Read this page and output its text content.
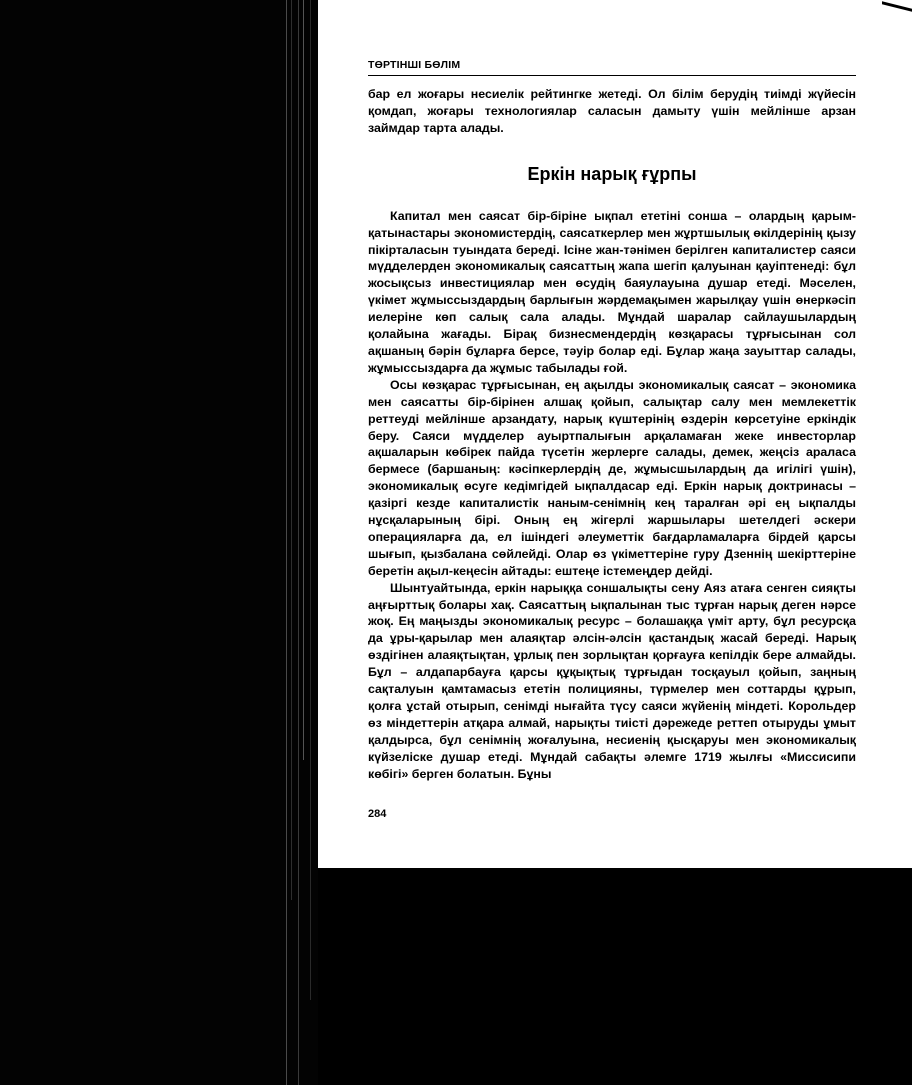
ТӨРТІНШІ БӨЛІМ

бар ел жоғары несиелік рейтингке жетеді. Ол білім берудің тиімді жүйесін қомдап, жоғары технологиялар саласын дамыту үшін мейлінше арзан займдар тарта алады.

Еркін нарық ғұрпы

Капитал мен саясат бір-біріне ықпал ететіні сонша – олардың қарым-қатынастары экономистердің, саясаткерлер мен жұртшылық өкілдерінің қызу пікірталасын туындата береді. Ісіне жан-тәнімен берілген капиталистер саяси мүдделерден экономикалық саясаттың жапа шегіп қалуынан қауіптенеді: бұл жосықсыз инвестициялар мен өсудің баяулауына душар етеді. Мәселен, үкімет жұмыссыздардың барлығын жәрдемақымен жарылқау үшін өнеркәсіп иелеріне көп салық сала алады. Мұндай шаралар сайлаушылардың қолайына жағады. Бірақ бизнесмендердің көзқарасы тұрғысынан сол ақшаның бәрін бұларға берсе, тәуір болар еді. Бұлар жаңа зауыттар салады, жұмыссыздарға да жұмыс табылады ғой.

Осы көзқарас тұрғысынан, ең ақылды экономикалық саясат – экономика мен саясатты бір-бірінен алшақ қойып, салықтар салу мен мемлекеттік реттеуді мейлінше арзандату, нарық күштерінің өздерін көрсетуіне еркіндік беру. Саяси мүдделер ауыртпалығын арқаламаған жеке инвесторлар ақшаларын көбірек пайда түсетін жерлерге салады, демек, жеңсіз араласа бермесе (баршаның: кәсіпкерлердің де, жұмысшылардың да игілігі үшін), экономикалық өсуге кедімгідей ықпалдасар еді. Еркін нарық доктринасы – қазіргі кезде капиталистік наным-сенімнің кең таралған әрі ең ықпалды нұсқаларының бірі. Оның ең жігерлі жаршылары шетелдегі әскери операцияларға да, ел ішіндегі әлеуметтік бағдарламаларға бірдей қарсы шығып, қызбалана сөйлейді. Олар өз үкіметтеріне гуру Дзеннің шекірттеріне беретін ақыл-кеңесін айтады: ештеңе істемеңдер дейді.

Шынтуайтында, еркін нарыққа соншалықты сену Аяз атаға сенген сияқты аңғырттық болары хақ. Саясаттың ықпалынан тыс тұрған нарық деген нәрсе жоқ. Ең маңызды экономикалық ресурс – болашаққа үміт арту, бұл ресурсқа да ұры-қарылар мен алаяқтар әлсін-әлсін қастандық жасай береді. Нарық өздігінен алаяқтықтан, ұрлық пен зорлықтан қорғауға кепілдік бере алмайды. Бұл – алдапарбауға қарсы құқықтық тұрғыдан тосқауыл қойып, заңның сақталуын қамтамасыз ететін полицияны, түрмелер мен соттарды құрып, қолға ұстай отырып, сенімді нығайта түсу саяси жүйенің міндеті. Корольдер өз міндеттерін атқара алмай, нарықты тиісті дәрежеде реттеп отыруды ұмыт қалдырса, бұл сенімнің жоғалуына, несиенің қысқаруы мен экономикалық күйзеліске душар етеді. Мұндай сабақты әлемге 1719 жылғы «Миссисипи көбігі» берген болатын. Бұны

284
